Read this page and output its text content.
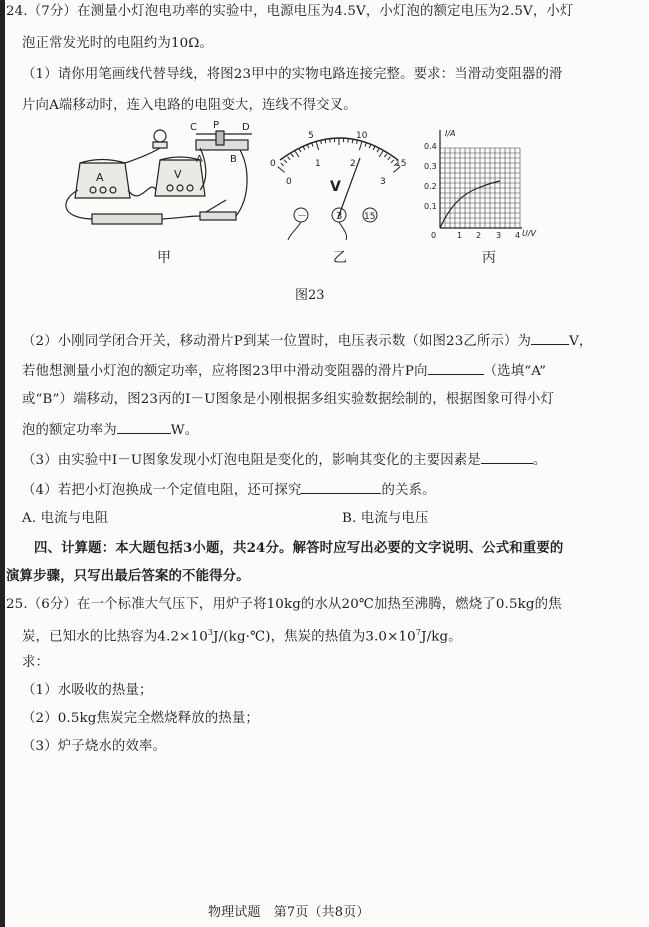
24.（7分）在测量小灯泡电功率的实验中，电源电压为4.5V，小灯泡的额定电压为2.5V，小灯
泡正常发光时的电阻约为10Ω。
（1）请你用笔画线代替导线，将图23甲中的实物电路连接完整。要求：当滑动变阻器的滑
片向A端移动时，连入电路的电阻变大，连线不得交叉。
A	V
C P D
A	B
甲
0
5	10
15
0
1	2
3
V
－	3 15
乙
I/A
U/V
0.4
0.3
0.2
0.1
0	1 2 3 4
丙
图23
（2）小刚同学闭合开关，移动滑片P到某一位置时，电压表示数（如图23乙所示）为	V，
若他想测量小灯泡的额定功率，应将图23甲中滑动变阻器的滑片P向	（选填“A”
或“B”）端移动，图23丙的I－U图象是小刚根据多组实验数据绘制的，根据图象可得小灯
泡的额定功率为	W。
（3）由实验中I－U图象发现小灯泡电阻是变化的，影响其变化的主要因素是	。
（4）若把小灯泡换成一个定值电阻，还可探究	的关系。
A. 电流与电阻	B. 电流与电压
四、计算题：本大题包括3小题，共24分。解答时应写出必要的文字说明、公式和重要的
演算步骤，只写出最后答案的不能得分。
25.（6分）在一个标准大气压下，用炉子将10kg的水从20℃加热至沸腾，燃烧了0.5kg的焦
炭，已知水的比热容为$4.2\times 10^3J/(kg\cdot℃)$，焦炭的热值为$3.0\times 10^7J/kg$。
求：
（1）水吸收的热量；
（2）0.5kg焦炭完全燃烧释放的热量；
（3）炉子烧水的效率。
物理试题　第7页（共8页）
